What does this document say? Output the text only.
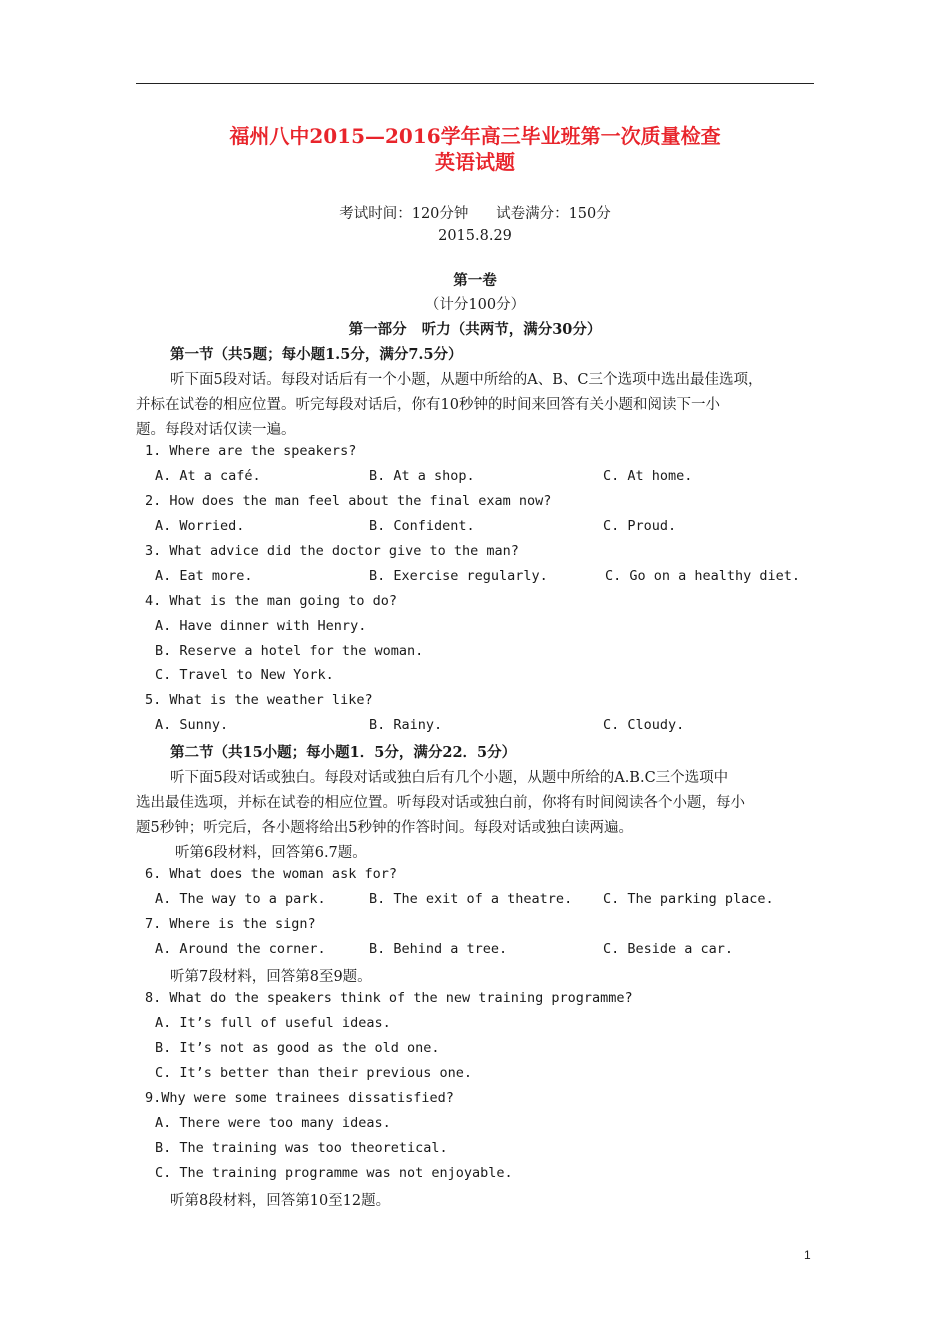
福州八中2015—2016学年高三毕业班第一次质量检查
英语试题
考试时间：120分钟      试卷满分：150分
2015.8.29
第一卷
（计分100分）
第一部分   听力（共两节，满分30分）
第一节（共5题；每小题1.5分，满分7.5分）
听下面5段对话。每段对话后有一个小题，从题中所给的A、B、C三个选项中选出最佳选项，
并标在试卷的相应位置。听完每段对话后，你有10秒钟的时间来回答有关小题和阅读下一小
题。每段对话仅读一遍。
1. Where are the speakers?
A. At a café.	B. At a shop.	C. At home.
2. How does the man feel about the final exam now?
A. Worried.	B. Confident.	C. Proud.
3. What advice did the doctor give to the man?
A. Eat more.	B. Exercise regularly.	C. Go on a healthy diet.
4. What is the man going to do?
A. Have dinner with Henry.
B. Reserve a hotel for the woman.
C. Travel to New York.
5. What is the weather like?
A. Sunny.	B. Rainy.	C. Cloudy.
第二节（共15小题；每小题1．5分，满分22．5分）
听下面5段对话或独白。每段对话或独白后有几个小题，从题中所给的A.B.C三个选项中
选出最佳选项，并标在试卷的相应位置。听每段对话或独白前，你将有时间阅读各个小题，每小
题5秒钟；听完后，各小题将给出5秒钟的作答时间。每段对话或独白读两遍。
听第6段材料，回答第6.7题。
6. What does the woman ask for?
A. The way to a park.	B. The exit of a theatre. C. The parking place.
7. Where is the sign?
A. Around the corner.	B. Behind a tree.	C. Beside a car.
听第7段材料，回答第8至9题。
8. What do the speakers think of the new training programme?
A. It’s full of useful ideas.
B. It’s not as good as the old one.
C. It’s better than their previous one.
9.Why were some trainees dissatisfied?
A. There were too many ideas.
B. The training was too theoretical.
C. The training programme was not enjoyable.
听第8段材料，回答第10至12题。
1
